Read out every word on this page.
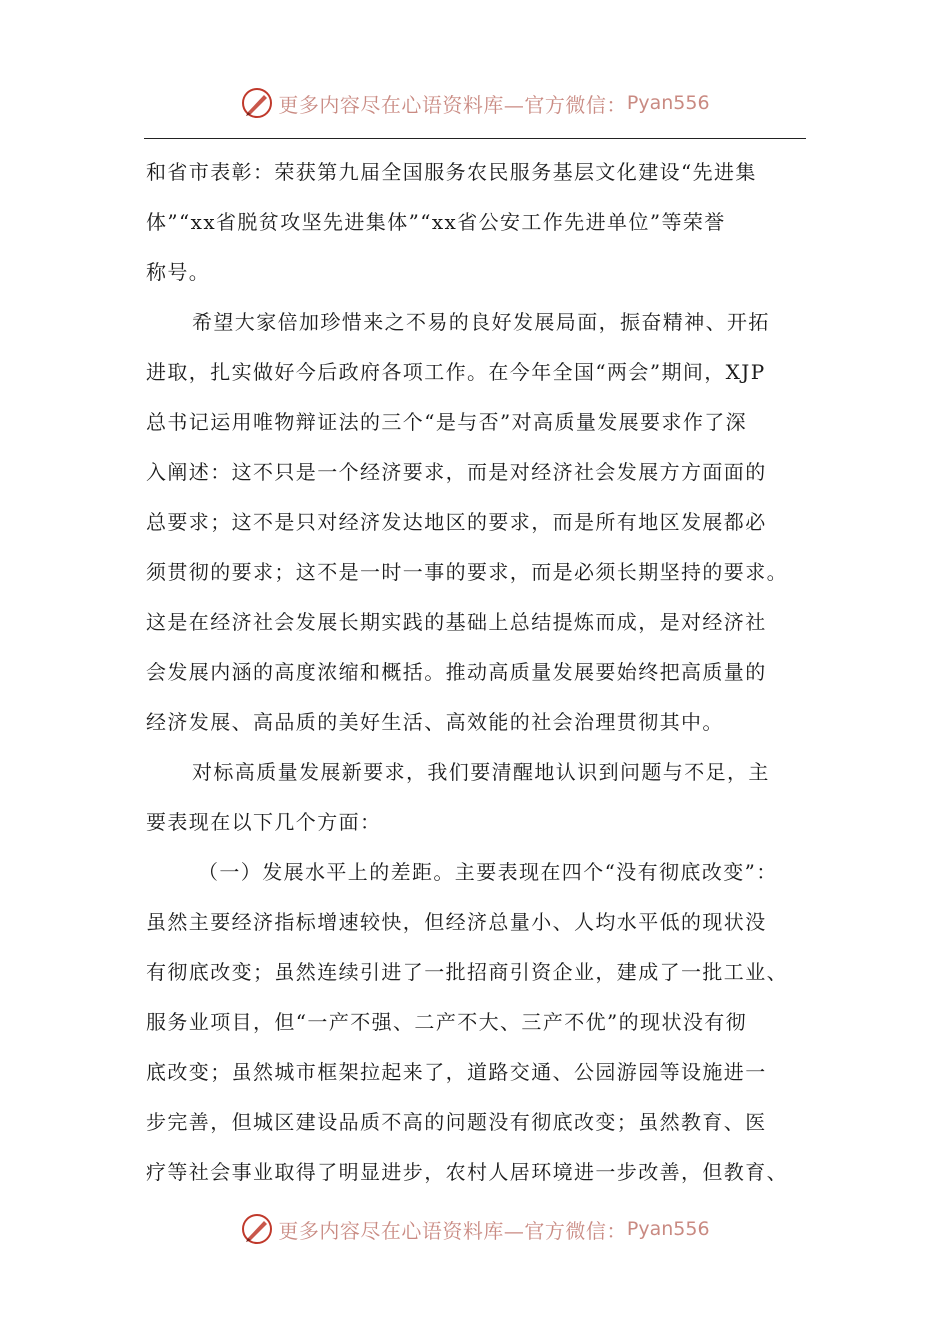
更多内容尽在心语资料库—官方微信： Pyan556

和省市表彰：荣获第九届全国服务农民服务基层文化建设“先进集
体”“xx省脱贫攻坚先进集体”“xx省公安工作先进单位”等荣誉
称号。

希望大家倍加珍惜来之不易的良好发展局面，振奋精神、开拓
进取，扎实做好今后政府各项工作。在今年全国“两会”期间，XJP
总书记运用唯物辩证法的三个“是与否”对高质量发展要求作了深
入阐述：这不只是一个经济要求，而是对经济社会发展方方面面的
总要求；这不是只对经济发达地区的要求，而是所有地区发展都必
须贯彻的要求；这不是一时一事的要求，而是必须长期坚持的要求。
这是在经济社会发展长期实践的基础上总结提炼而成，是对经济社
会发展内涵的高度浓缩和概括。推动高质量发展要始终把高质量的
经济发展、高品质的美好生活、高效能的社会治理贯彻其中。

对标高质量发展新要求，我们要清醒地认识到问题与不足，主
要表现在以下几个方面：

（一）发展水平上的差距。主要表现在四个“没有彻底改变”：
虽然主要经济指标增速较快，但经济总量小、人均水平低的现状没
有彻底改变；虽然连续引进了一批招商引资企业，建成了一批工业、
服务业项目，但“一产不强、二产不大、三产不优”的现状没有彻
底改变；虽然城市框架拉起来了，道路交通、公园游园等设施进一
步完善，但城区建设品质不高的问题没有彻底改变；虽然教育、医
疗等社会事业取得了明显进步，农村人居环境进一步改善，但教育、

更多内容尽在心语资料库—官方微信： Pyan556
